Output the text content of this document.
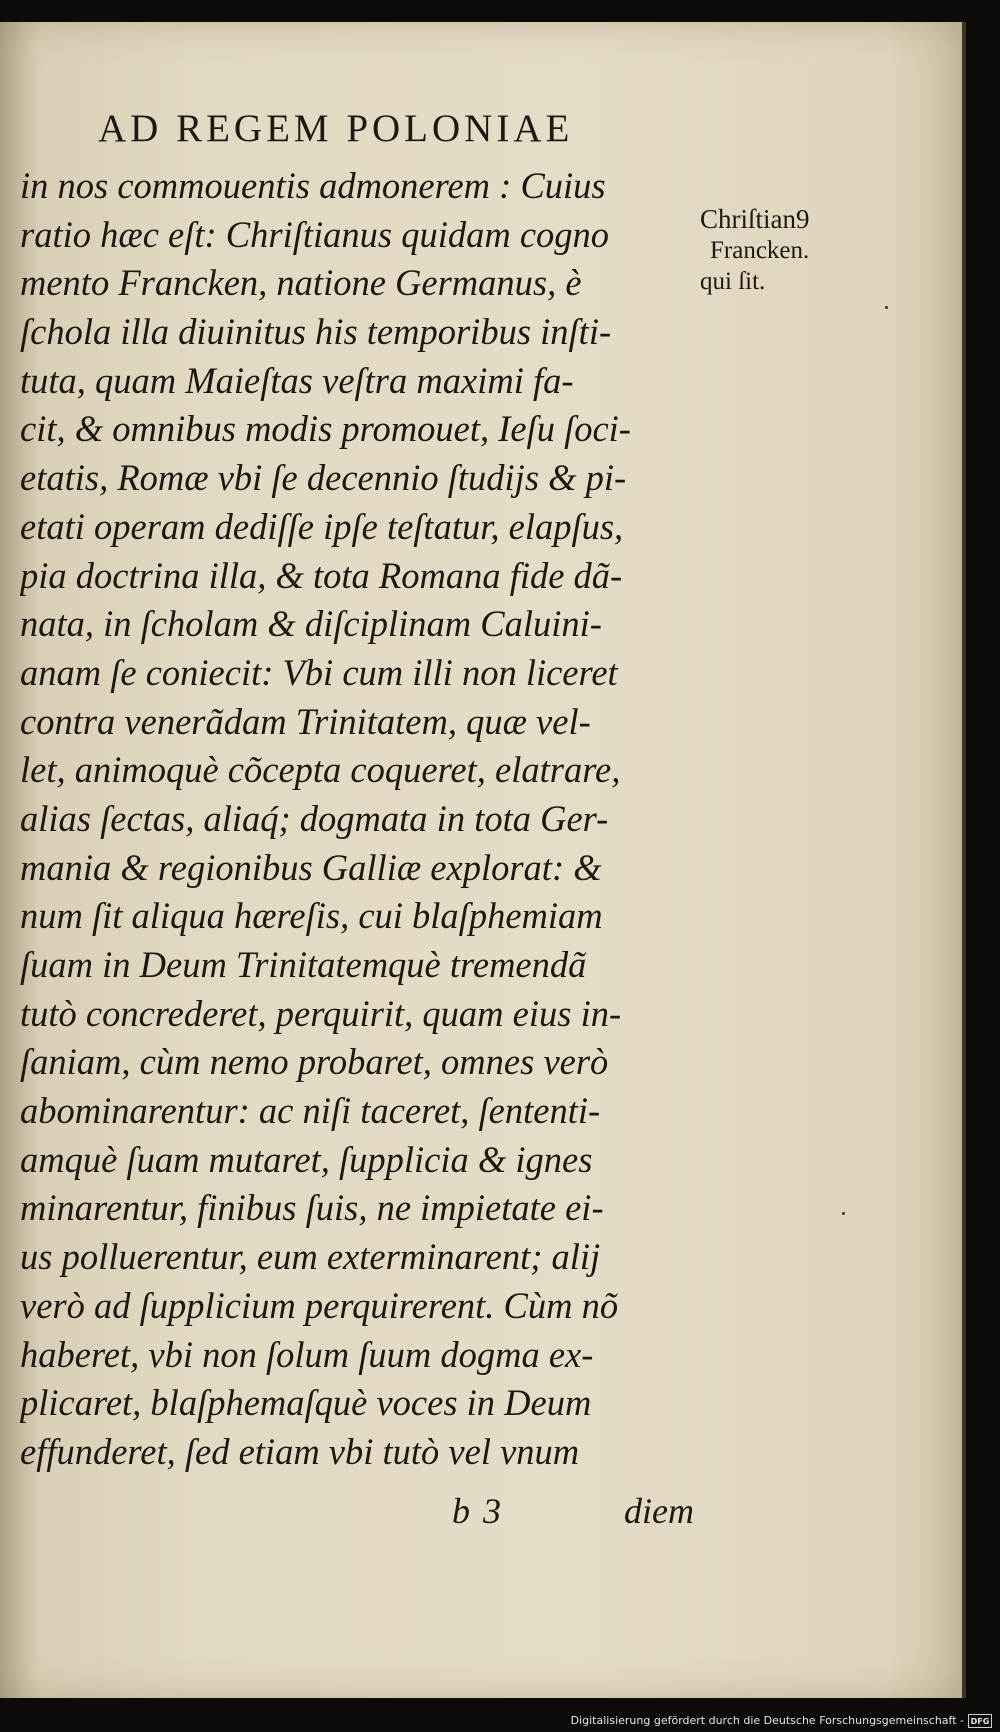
AD REGEM POLONIAE
in nos commouentis admonerem : Cuius
ratio hæc eſt: Chriſtianus quidam cogno
mento Francken, natione Germanus, è
ſchola illa diuinitus his temporibus inſti-
tuta, quam Maieſtas veſtra maximi fa-
cit, & omnibus modis promouet, Ieſu ſoci-
etatis, Romæ vbi ſe decennio ſtudijs & pi-
etati operam dediſſe ipſe teſtatur, elapſus,
pia doctrina illa, & tota Romana fide dã-
nata, in ſcholam & diſciplinam Caluini-
anam ſe coniecit: Vbi cum illi non liceret
contra venerãdam Trinitatem, quæ vel-
let, animoquè cõcepta coqueret, elatrare,
alias ſectas, aliaq́; dogmata in tota Ger-
mania & regionibus Galliæ explorat: &
num ſit aliqua hæreſis, cui blaſphemiam
ſuam in Deum Trinitatemquè tremendã
tutò concrederet, perquirit, quam eius in-
ſaniam, cùm nemo probaret, omnes verò
abominarentur: ac niſi taceret, ſententi-
amquè ſuam mutaret, ſupplicia & ignes
minarentur, finibus ſuis, ne impietate ei-
us polluerentur, eum exterminarent; alij
verò ad ſupplicium perquirerent. Cùm nõ
haberet, vbi non ſolum ſuum dogma ex-
plicaret, blaſphemaſquè voces in Deum
effunderet, ſed etiam vbi tutò vel vnum
Chriſtian9
Francken.
qui ſit.
b 3	diem
Digitalisierung gefördert durch die Deutsche Forschungsgemeinschaft - DFG
